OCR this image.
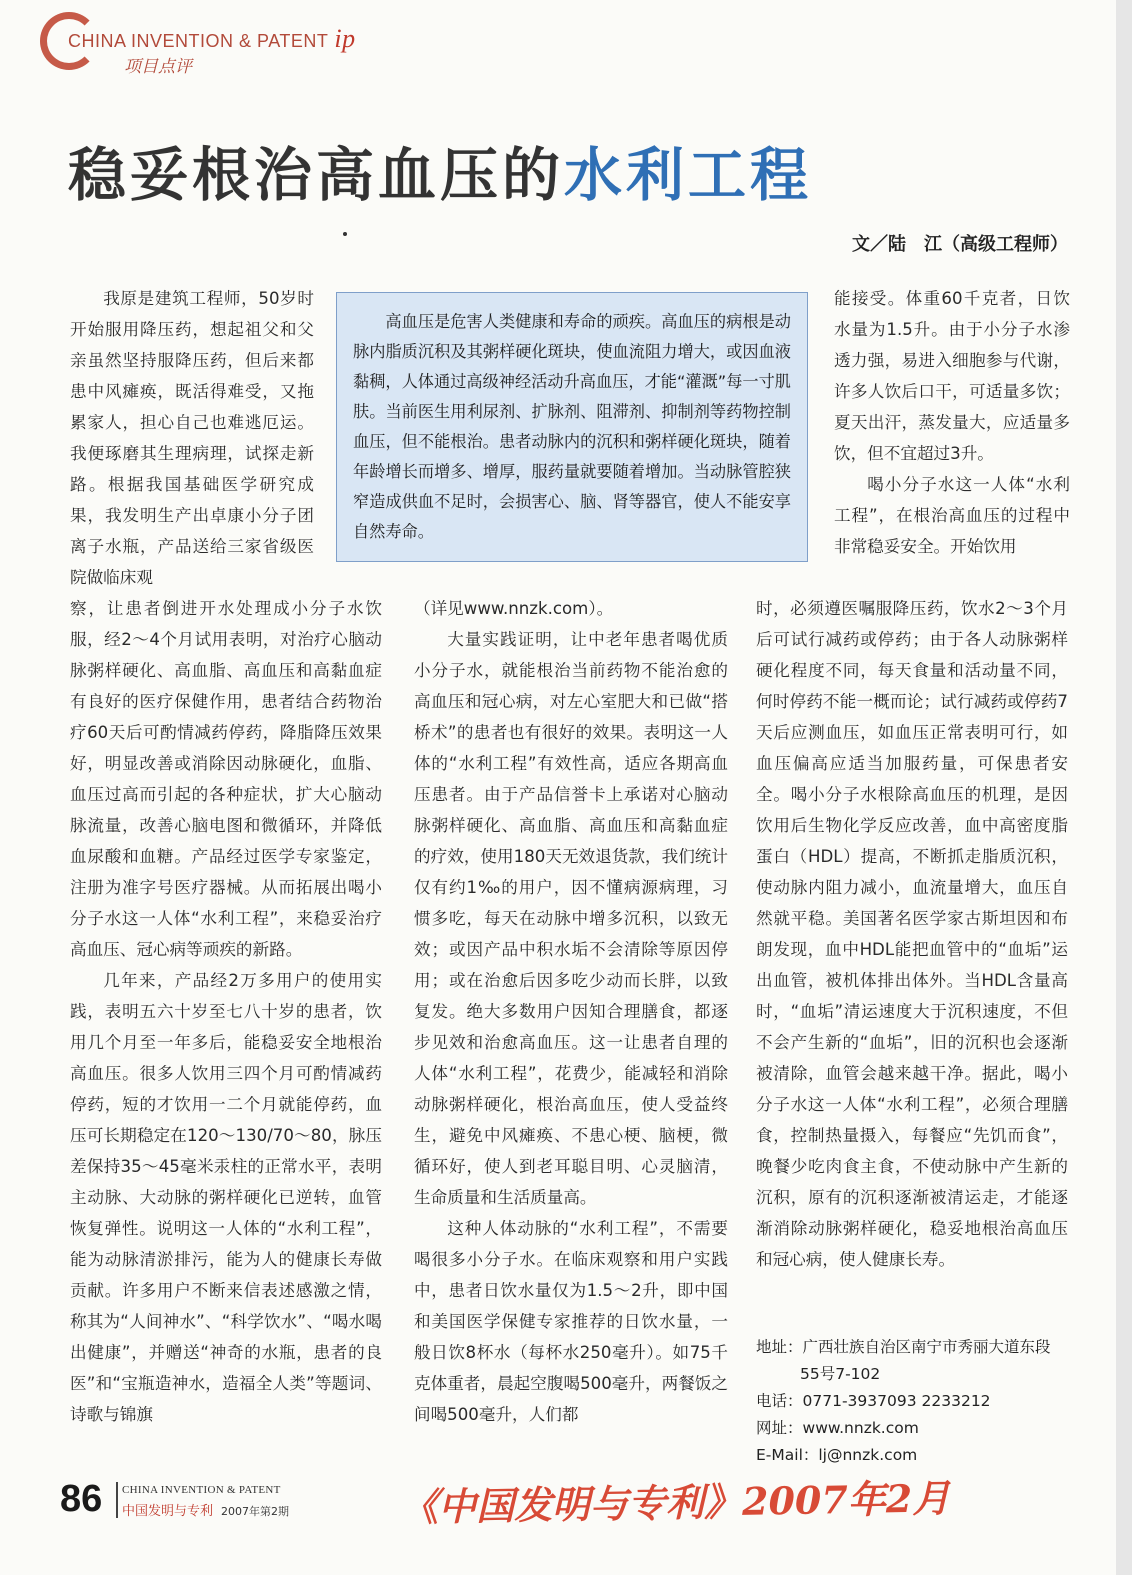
CHINA INVENTION & PATENT ip
项目点评
稳妥根治高血压的水利工程
文／陆　江（高级工程师）

我原是建筑工程师，50岁时开始服用降压药，想起祖父和父亲虽然坚持服降压药，但后来都患中风瘫痪，既活得难受，又拖累家人，担心自己也难逃厄运。我便琢磨其生理病理，试探走新路。根据我国基础医学研究成果，我发明生产出卓康小分子团离子水瓶，产品送给三家省级医院做临床观

察，让患者倒进开水处理成小分子水饮服，经2～4个月试用表明，对治疗心脑动脉粥样硬化、高血脂、高血压和高黏血症有良好的医疗保健作用，患者结合药物治疗60天后可酌情减药停药，降脂降压效果好，明显改善或消除因动脉硬化，血脂、血压过高而引起的各种症状，扩大心脑动脉流量，改善心脑电图和微循环，并降低血尿酸和血糖。产品经过医学专家鉴定，注册为准字号医疗器械。从而拓展出喝小分子水这一人体“水利工程”，来稳妥治疗高血压、冠心病等顽疾的新路。

几年来，产品经2万多用户的使用实践，表明五六十岁至七八十岁的患者，饮用几个月至一年多后，能稳妥安全地根治高血压。很多人饮用三四个月可酌情减药停药，短的才饮用一二个月就能停药，血压可长期稳定在120～130/70～80，脉压差保持35～45毫米汞柱的正常水平，表明主动脉、大动脉的粥样硬化已逆转，血管恢复弹性。说明这一人体的“水利工程”，能为动脉清淤排污，能为人的健康长寿做贡献。许多用户不断来信表述感激之情，称其为“人间神水”、“科学饮水”、“喝水喝出健康”，并赠送“神奇的水瓶，患者的良医”和“宝瓶造神水，造福全人类”等题词、诗歌与锦旗

高血压是危害人类健康和寿命的顽疾。高血压的病根是动脉内脂质沉积及其粥样硬化斑块，使血流阻力增大，或因血液黏稠，人体通过高级神经活动升高血压，才能“灌溉”每一寸肌肤。当前医生用利尿剂、扩脉剂、阻滞剂、抑制剂等药物控制血压，但不能根治。患者动脉内的沉积和粥样硬化斑块，随着年龄增长而增多、增厚，服药量就要随着增加。当动脉管腔狭窄造成供血不足时，会损害心、脑、肾等器官，使人不能安享自然寿命。

（详见www.nnzk.com）。

大量实践证明，让中老年患者喝优质小分子水，就能根治当前药物不能治愈的高血压和冠心病，对左心室肥大和已做“搭桥术”的患者也有很好的效果。表明这一人体的“水利工程”有效性高，适应各期高血压患者。由于产品信誉卡上承诺对心脑动脉粥样硬化、高血脂、高血压和高黏血症的疗效，使用180天无效退货款，我们统计仅有约1‰的用户，因不懂病源病理，习惯多吃，每天在动脉中增多沉积，以致无效；或因产品中积水垢不会清除等原因停用；或在治愈后因多吃少动而长胖，以致复发。绝大多数用户因知合理膳食，都逐步见效和治愈高血压。这一让患者自理的人体“水利工程”，花费少，能减轻和消除动脉粥样硬化，根治高血压，使人受益终生，避免中风瘫痪、不患心梗、脑梗，微循环好，使人到老耳聪目明、心灵脑清，生命质量和生活质量高。

这种人体动脉的“水利工程”，不需要喝很多小分子水。在临床观察和用户实践中，患者日饮水量仅为1.5～2升，即中国和美国医学保健专家推荐的日饮水量，一般日饮8杯水（每杯水250毫升）。如75千克体重者，晨起空腹喝500毫升，两餐饭之间喝500毫升，人们都

能接受。体重60千克者，日饮水量为1.5升。由于小分子水渗透力强，易进入细胞参与代谢，许多人饮后口干，可适量多饮；夏天出汗，蒸发量大，应适量多饮，但不宜超过3升。

喝小分子水这一人体“水利工程”，在根治高血压的过程中非常稳妥安全。开始饮用

时，必须遵医嘱服降压药，饮水2～3个月后可试行减药或停药；由于各人动脉粥样硬化程度不同，每天食量和活动量不同，何时停药不能一概而论；试行减药或停药7天后应测血压，如血压正常表明可行，如血压偏高应适当加服药量，可保患者安全。喝小分子水根除高血压的机理，是因饮用后生物化学反应改善，血中高密度脂蛋白（HDL）提高，不断抓走脂质沉积，使动脉内阻力减小，血流量增大，血压自然就平稳。美国著名医学家古斯坦因和布朗发现，血中HDL能把血管中的“血垢”运出血管，被机体排出体外。当HDL含量高时，“血垢”清运速度大于沉积速度，不但不会产生新的“血垢”，旧的沉积也会逐渐被清除，血管会越来越干净。据此，喝小分子水这一人体“水利工程”，必须合理膳食，控制热量摄入，每餐应“先饥而食”，晚餐少吃肉食主食，不使动脉中产生新的沉积，原有的沉积逐渐被清运走，才能逐渐消除动脉粥样硬化，稳妥地根治高血压和冠心病，使人健康长寿。

地址：广西壮族自治区南宁市秀丽大道东段
55号7-102
电话：0771-3937093 2233212
网址：www.nnzk.com
E-Mail：lj@nnzk.com
86 CHINA INVENTION & PATENT
中国发明与专利 2007年第2期	《中国发明与专利》2007年2月
